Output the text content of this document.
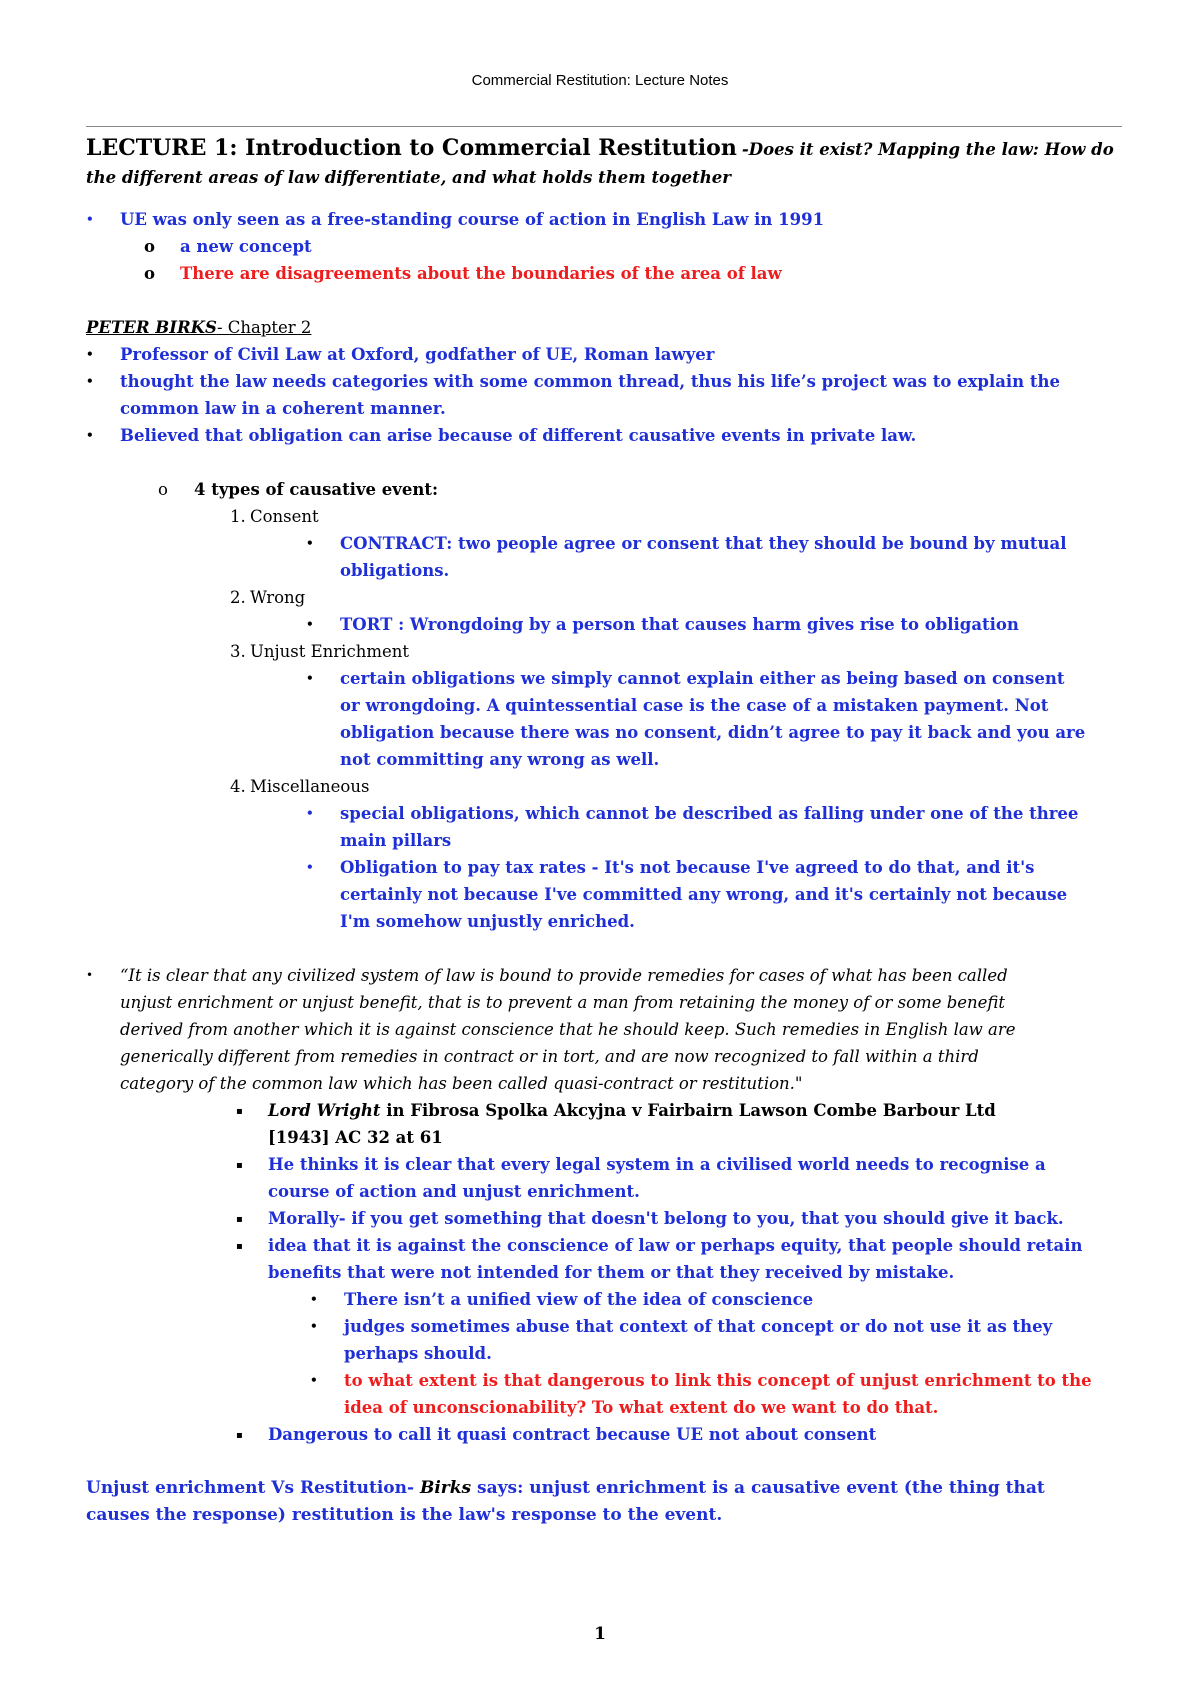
Commercial Restitution: Lecture Notes
LECTURE 1: Introduction to Commercial Restitution -Does it exist? Mapping the law: How do the different areas of law differentiate, and what holds them together
• UE was only seen as a free-standing course of action in English Law in 1991
o a new concept
o There are disagreements about the boundaries of the area of law
PETER BIRKS- Chapter 2
• Professor of Civil Law at Oxford, godfather of UE, Roman lawyer
• thought the law needs categories with some common thread, thus his life’s project was to explain the
common law in a coherent manner.
• Believed that obligation can arise because of different causative events in private law.
o 4 types of causative event:
1. Consent
• CONTRACT: two people agree or consent that they should be bound by mutual
obligations.
2. Wrong
• TORT : Wrongdoing by a person that causes harm gives rise to obligation
3. Unjust Enrichment
• certain obligations we simply cannot explain either as being based on consent
or wrongdoing. A quintessential case is the case of a mistaken payment. Not
obligation because there was no consent, didn’t agree to pay it back and you are
not committing any wrong as well.
4. Miscellaneous
• special obligations, which cannot be described as falling under one of the three
main pillars
• Obligation to pay tax rates - It's not because I've agreed to do that, and it's
certainly not because I've committed any wrong, and it's certainly not because
I'm somehow unjustly enriched.
• “It is clear that any civilized system of law is bound to provide remedies for cases of what has been called
unjust enrichment or unjust benefit, that is to prevent a man from retaining the money of or some benefit
derived from another which it is against conscience that he should keep. Such remedies in English law are
generically different from remedies in contract or in tort, and are now recognized to fall within a third
category of the common law which has been called quasi-contract or restitution."
▪ Lord Wright in Fibrosa Spolka Akcyjna v Fairbairn Lawson Combe Barbour Ltd
[1943] AC 32 at 61
▪ He thinks it is clear that every legal system in a civilised world needs to recognise a
course of action and unjust enrichment.
▪ Morally- if you get something that doesn't belong to you, that you should give it back.
▪ idea that it is against the conscience of law or perhaps equity, that people should retain
benefits that were not intended for them or that they received by mistake.
• There isn’t a unified view of the idea of conscience
• judges sometimes abuse that context of that concept or do not use it as they
perhaps should.
• to what extent is that dangerous to link this concept of unjust enrichment to the
idea of unconscionability? To what extent do we want to do that.
▪ Dangerous to call it quasi contract because UE not about consent
Unjust enrichment Vs Restitution- Birks says: unjust enrichment is a causative event (the thing that
causes the response) restitution is the law's response to the event.
1
